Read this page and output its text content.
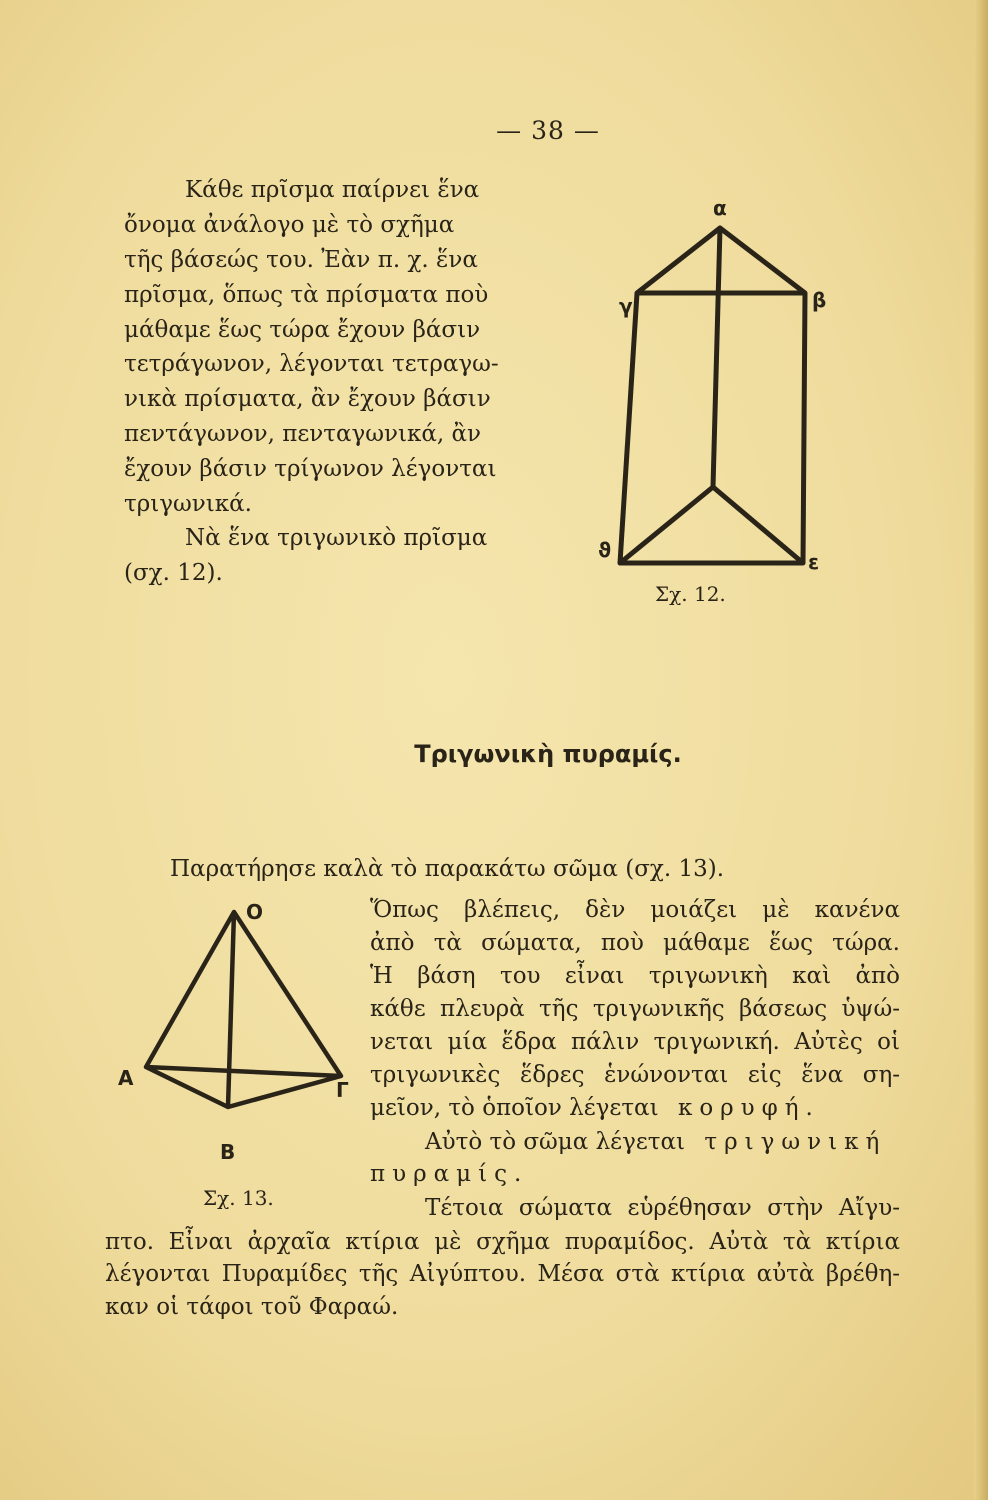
— 38 —
Κάθε πρῖσμα παίρνει ἕνα
ὄνομα ἀνάλογο μὲ τὸ σχῆμα
τῆς βάσεώς του. Ἐὰν π. χ. ἕνα
πρῖσμα, ὅπως τὰ πρίσματα ποὺ
μάθαμε ἕως τώρα ἔχουν βάσιν
τετράγωνον, λέγονται τετραγω-
νικὰ πρίσματα, ἂν ἔχουν βάσιν
πεντάγωνον, πενταγωνικά, ἂν
ἔχουν βάσιν τρίγωνον λέγονται
τριγωνικά.
Νὰ ἕνα τριγωνικὸ πρῖσμα
(σχ. 12).
α
β
γ
ϑ	ε
Σχ. 12.
Τριγωνικὴ πυραμίς.
Παρατήρησε καλὰ τὸ παρακάτω σῶμα (σχ. 13).
Ὅπως βλέπεις, δὲν μοιάζει μὲ κανένα
ἀπὸ τὰ σώματα, ποὺ μάθαμε ἕως τώρα.
Ἡ βάση του εἶναι τριγωνικὴ καὶ ἀπὸ
κάθε πλευρὰ τῆς τριγωνικῆς βάσεως ὑψώ-
νεται μία ἕδρα πάλιν τριγωνική. Αὐτὲς οἱ
τριγωνικὲς ἕδρες ἑνώνονται εἰς ἕνα ση-
μεῖον, τὸ ὁποῖον λέγεται κορυφή.
Αὐτὸ τὸ σῶμα λέγεται τριγωνική
πυραμίς.
O
A	Γ
B
Σχ. 13.	Τέτοια σώματα εὑρέθησαν στὴν Αἴγυ-
πτο. Εἶναι ἀρχαῖα κτίρια μὲ σχῆμα πυραμίδος. Αὐτὰ τὰ κτίρια
λέγονται Πυραμίδες τῆς Αἰγύπτου. Μέσα στὰ κτίρια αὐτὰ βρέθη-
καν οἱ τάφοι τοῦ Φαραώ.
